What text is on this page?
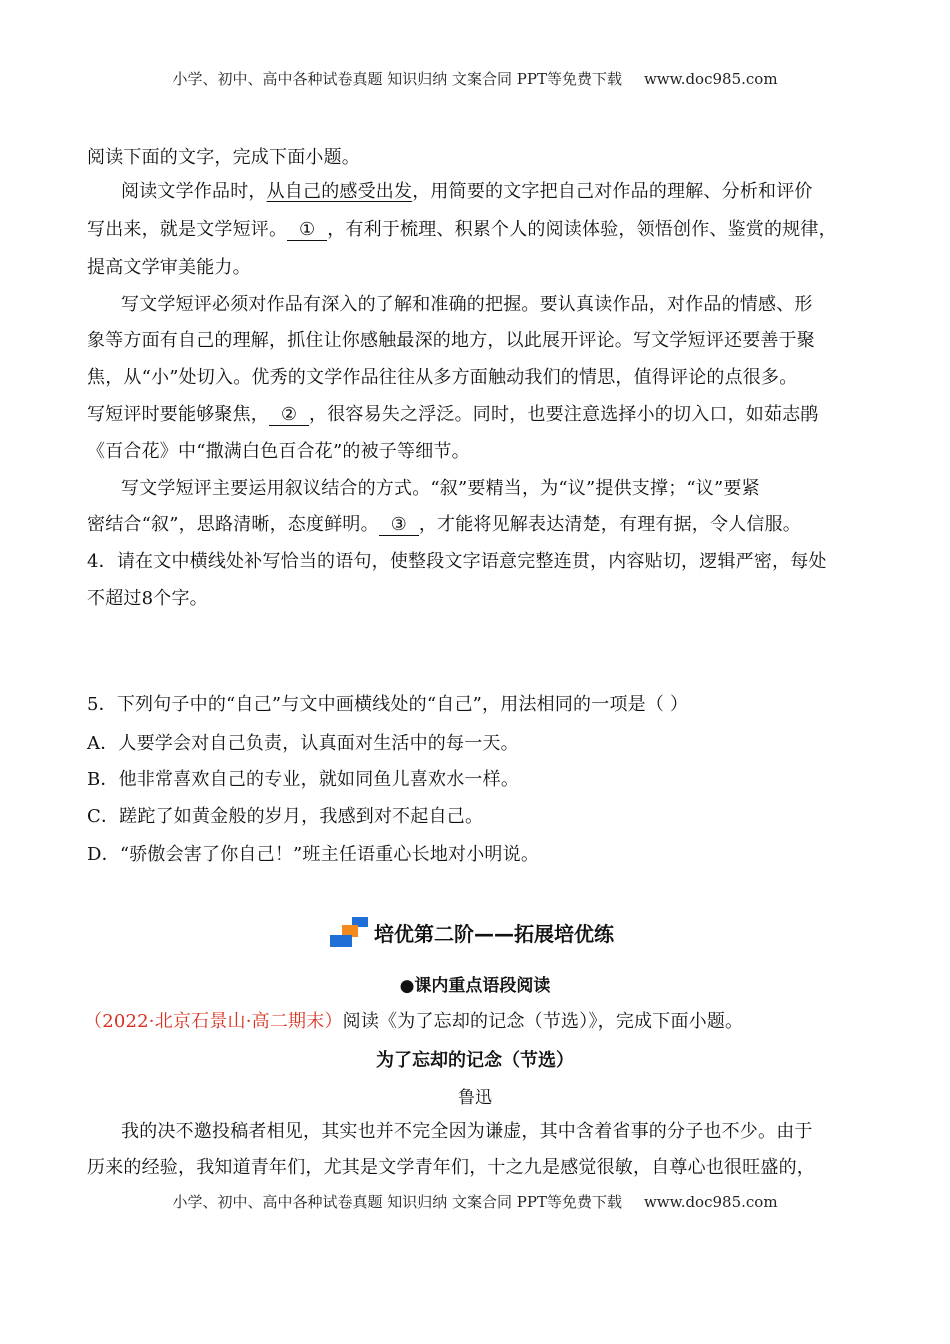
小学、初中、高中各种试卷真题 知识归纳 文案合同 PPT等免费下载 www.doc985.com
阅读下面的文字，完成下面小题。
阅读文学作品时，从自己的感受出发，用简要的文字把自己对作品的理解、分析和评价
写出来，就是文学短评。 ① ，有利于梳理、积累个人的阅读体验，领悟创作、鉴赏的规律，
提高文学审美能力。
写文学短评必须对作品有深入的了解和准确的把握。要认真读作品，对作品的情感、形
象等方面有自己的理解，抓住让你感触最深的地方，以此展开评论。写文学短评还要善于聚
焦，从“小”处切入。优秀的文学作品往往从多方面触动我们的情思，值得评论的点很多。
写短评时要能够聚焦， ② ，很容易失之浮泛。同时，也要注意选择小的切入口，如茹志鹃
《百合花》中“撒满白色百合花”的被子等细节。
写文学短评主要运用叙议结合的方式。“叙”要精当，为“议”提供支撑；“议”要紧
密结合“叙”，思路清晰，态度鲜明。 ③ ，才能将见解表达清楚，有理有据，令人信服。
4．请在文中横线处补写恰当的语句，使整段文字语意完整连贯，内容贴切，逻辑严密，每处
不超过8个字。
5．下列句子中的“自己”与文中画横线处的“自己”，用法相同的一项是（ ）
A．人要学会对自己负责，认真面对生活中的每一天。
B．他非常喜欢自己的专业，就如同鱼儿喜欢水一样。
C．蹉跎了如黄金般的岁月，我感到对不起自己。
D．“骄傲会害了你自己！”班主任语重心长地对小明说。
培优第二阶——拓展培优练
●课内重点语段阅读
（2022·北京石景山·高二期末）阅读《为了忘却的记念（节选）》，完成下面小题。
为了忘却的记念（节选）
鲁迅
我的决不邀投稿者相见，其实也并不完全因为谦虚，其中含着省事的分子也不少。由于
历来的经验，我知道青年们，尤其是文学青年们，十之九是感觉很敏，自尊心也很旺盛的，
小学、初中、高中各种试卷真题 知识归纳 文案合同 PPT等免费下载 www.doc985.com
